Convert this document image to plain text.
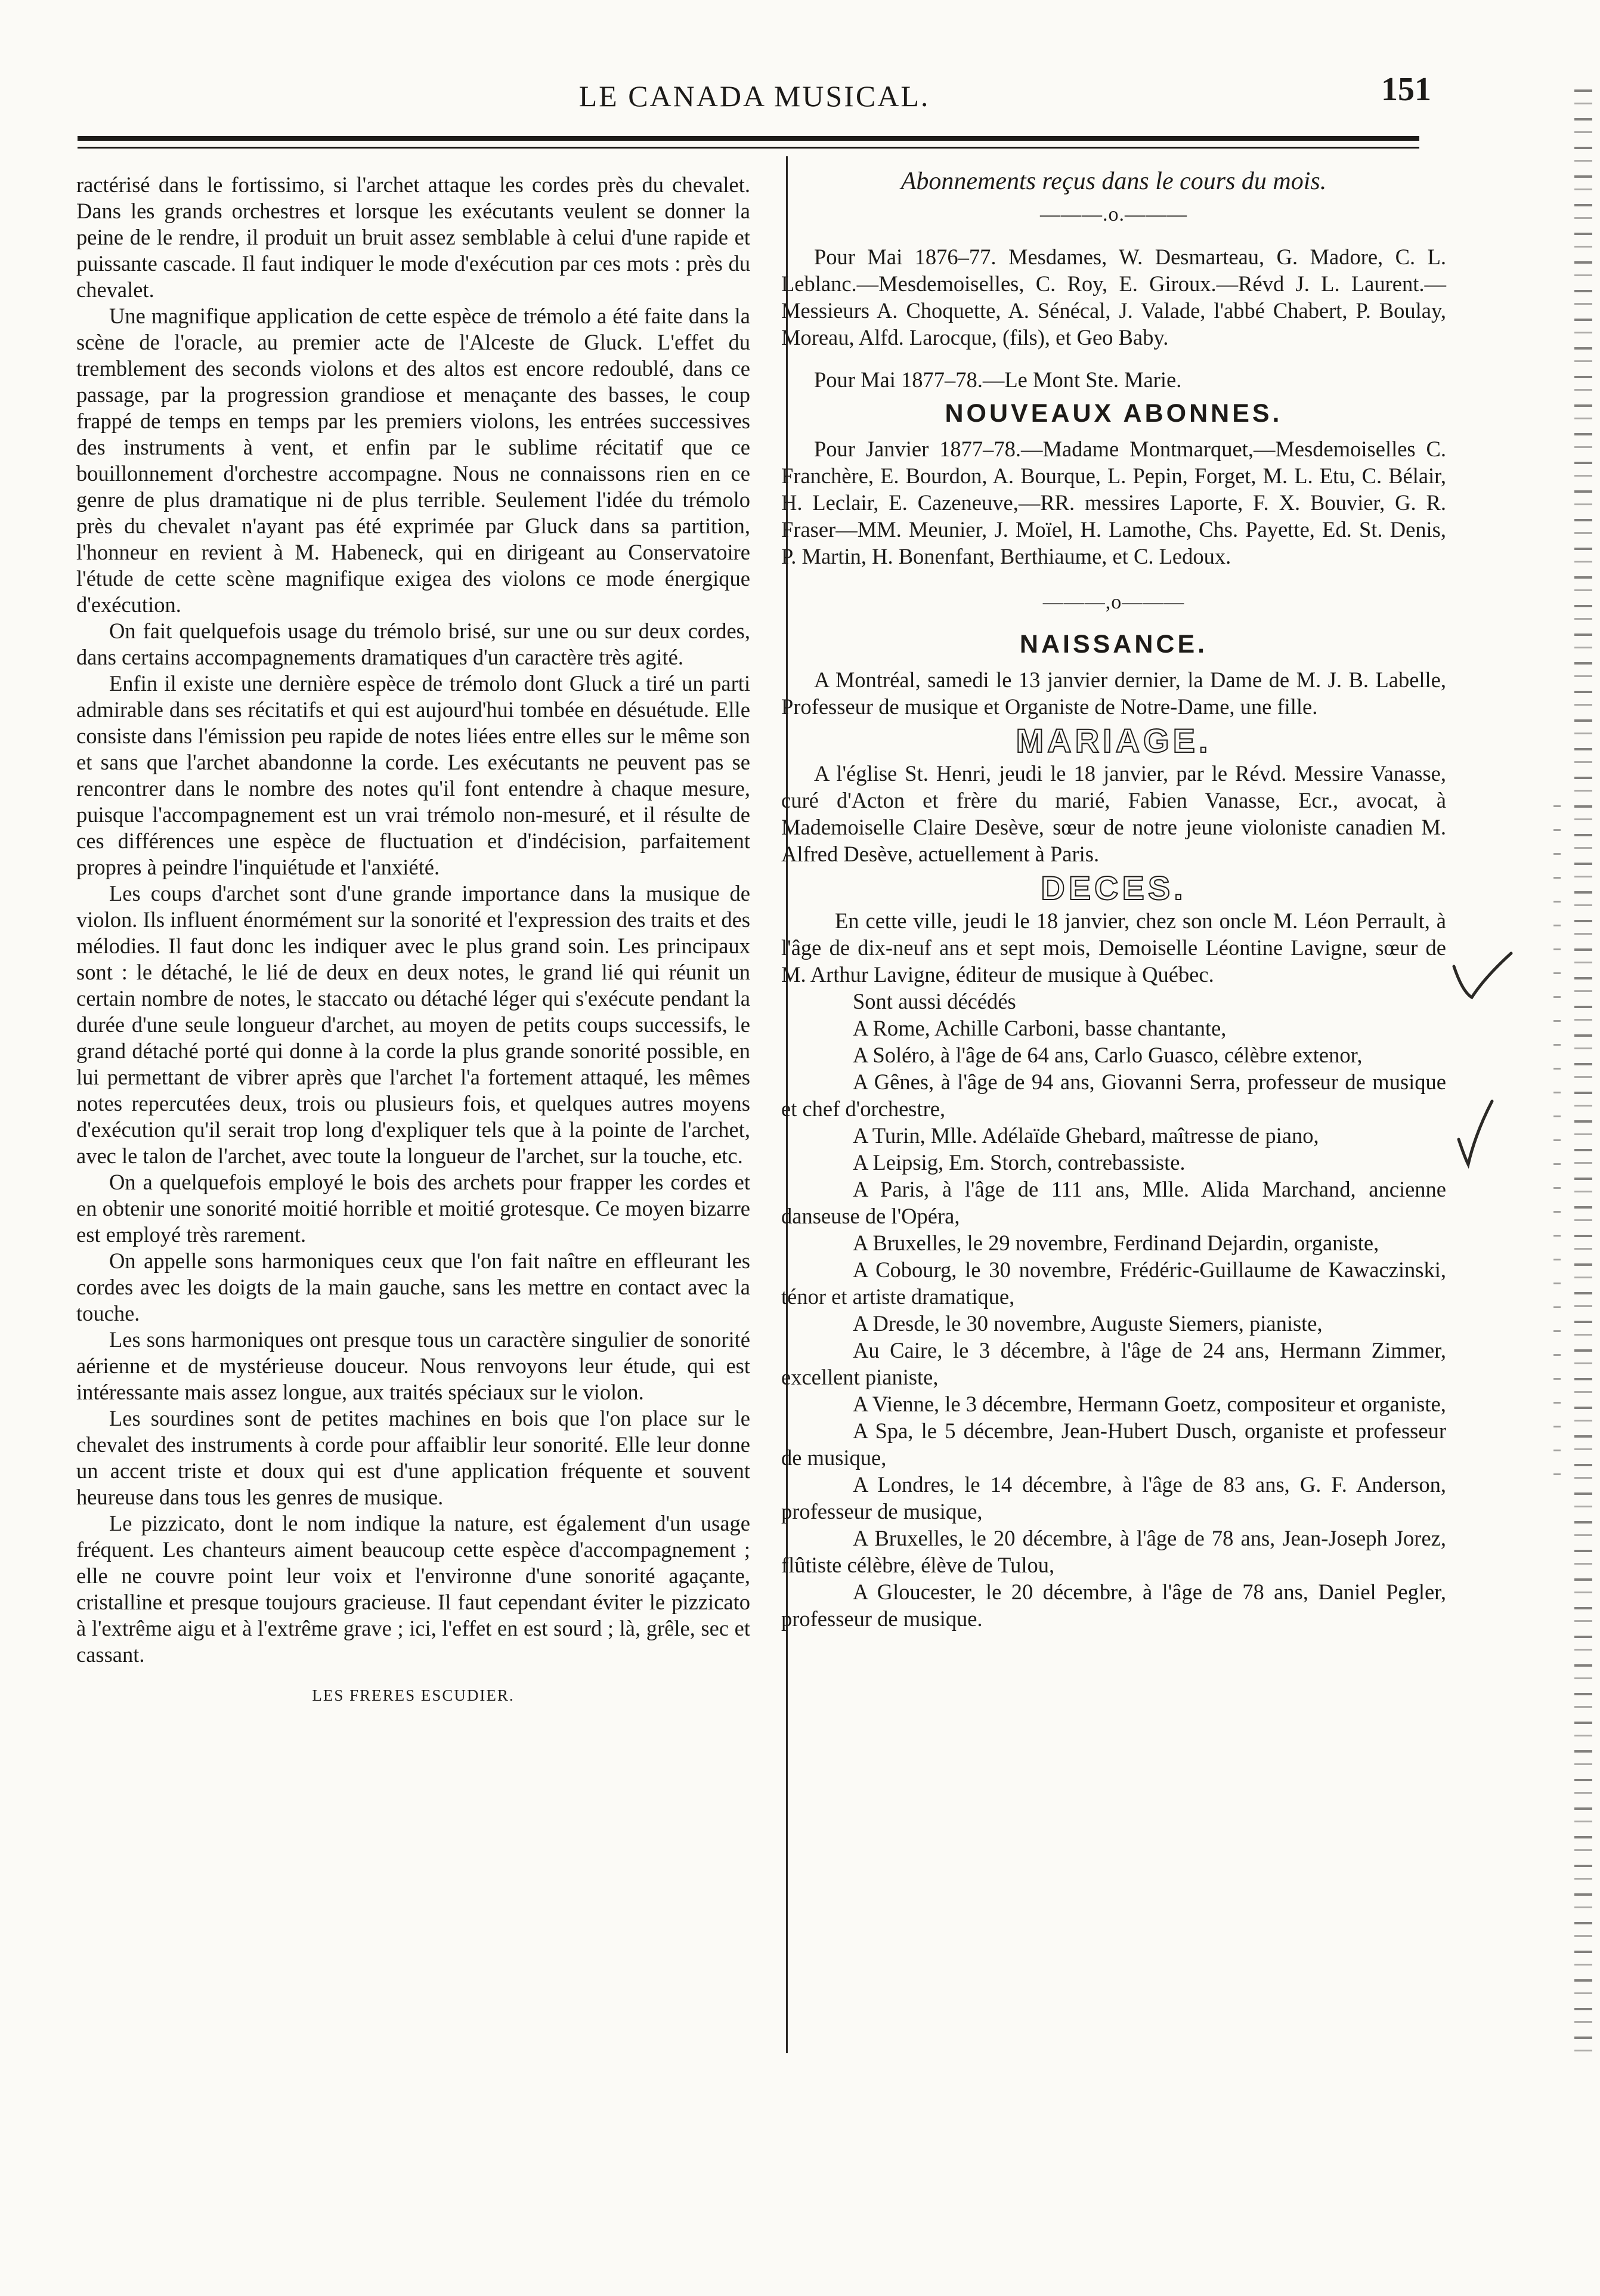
LE CANADA MUSICAL.	151

ractérisé dans le fortissimo, si l'archet attaque les cordes près du chevalet. Dans les grands orchestres et lorsque les exécutants veulent se donner la peine de le rendre, il produit un bruit assez semblable à celui d'une rapide et puissante cascade. Il faut indiquer le mode d'exécution par ces mots : près du chevalet.

Une magnifique application de cette espèce de trémolo a été faite dans la scène de l'oracle, au premier acte de l'Alceste de Gluck. L'effet du tremblement des seconds violons et des altos est encore redoublé, dans ce passage, par la progression grandiose et menaçante des basses, le coup frappé de temps en temps par les premiers violons, les entrées successives des instruments à vent, et enfin par le sublime récitatif que ce bouillonnement d'orchestre accompagne. Nous ne connaissons rien en ce genre de plus dramatique ni de plus terrible. Seulement l'idée du trémolo près du chevalet n'ayant pas été exprimée par Gluck dans sa partition, l'honneur en revient à M. Habeneck, qui en dirigeant au Conservatoire l'étude de cette scène magnifique exigea des violons ce mode énergique d'exécution.

On fait quelquefois usage du trémolo brisé, sur une ou sur deux cordes, dans certains accompagnements dramatiques d'un caractère très agité.

Enfin il existe une dernière espèce de trémolo dont Gluck a tiré un parti admirable dans ses récitatifs et qui est aujourd'hui tombée en désuétude. Elle consiste dans l'émission peu rapide de notes liées entre elles sur le même son et sans que l'archet abandonne la corde. Les exécutants ne peuvent pas se rencontrer dans le nombre des notes qu'il font entendre à chaque mesure, puisque l'accompagnement est un vrai trémolo non-mesuré, et il résulte de ces différences une espèce de fluctuation et d'indécision, parfaitement propres à peindre l'inquiétude et l'anxiété.

Les coups d'archet sont d'une grande importance dans la musique de violon. Ils influent énormément sur la sonorité et l'expression des traits et des mélodies. Il faut donc les indiquer avec le plus grand soin. Les principaux sont : le détaché, le lié de deux en deux notes, le grand lié qui réunit un certain nombre de notes, le staccato ou détaché léger qui s'exécute pendant la durée d'une seule longueur d'archet, au moyen de petits coups successifs, le grand détaché porté qui donne à la corde la plus grande sonorité possible, en lui permettant de vibrer après que l'archet l'a fortement attaqué, les mêmes notes repercutées deux, trois ou plusieurs fois, et quelques autres moyens d'exécution qu'il serait trop long d'expliquer tels que à la pointe de l'archet, avec le talon de l'archet, avec toute la longueur de l'archet, sur la touche, etc.

On a quelquefois employé le bois des archets pour frapper les cordes et en obtenir une sonorité moitié horrible et moitié grotesque. Ce moyen bizarre est employé très rarement.

On appelle sons harmoniques ceux que l'on fait naître en effleurant les cordes avec les doigts de la main gauche, sans les mettre en contact avec la touche.

Les sons harmoniques ont presque tous un caractère singulier de sonorité aérienne et de mystérieuse douceur. Nous renvoyons leur étude, qui est intéressante mais assez longue, aux traités spéciaux sur le violon.

Les sourdines sont de petites machines en bois que l'on place sur le chevalet des instruments à corde pour affaiblir leur sonorité. Elle leur donne un accent triste et doux qui est d'une application fréquente et souvent heureuse dans tous les genres de musique.

Le pizzicato, dont le nom indique la nature, est également d'un usage fréquent. Les chanteurs aiment beaucoup cette espèce d'accompagnement ; elle ne couvre point leur voix et l'environne d'une sonorité agaçante, cristalline et presque toujours gracieuse. Il faut cependant éviter le pizzicato à l'extrême aigu et à l'extrême grave ; ici, l'effet en est sourd ; là, grêle, sec et cassant.

LES FRERES ESCUDIER.
Abonnements reçus dans le cours du mois.
———.o.———

Pour Mai 1876–77. Mesdames, W. Desmarteau, G. Madore, C. L. Leblanc.—Mesdemoiselles, C. Roy, E. Giroux.—Révd J. L. Laurent.—Messieurs A. Choquette, A. Sénécal, J. Valade, l'abbé Chabert, P. Boulay, Moreau, Alfd. Larocque, (fils), et Geo Baby.

Pour Mai 1877–78.—Le Mont Ste. Marie.

NOUVEAUX ABONNES.

Pour Janvier 1877–78.—Madame Montmarquet,—Mesdemoiselles C. Franchère, E. Bourdon, A. Bourque, L. Pepin, Forget, M. L. Etu, C. Bélair, H. Leclair, E. Cazeneuve,—RR. messires Laporte, F. X. Bouvier, G. R. Fraser—MM. Meunier, J. Moïel, H. Lamothe, Chs. Payette, Ed. St. Denis, P. Martin, H. Bonenfant, Berthiaume, et C. Ledoux.

———,o———
NAISSANCE.

A Montréal, samedi le 13 janvier dernier, la Dame de M. J. B. Labelle, Professeur de musique et Organiste de Notre-Dame, une fille.

MARIAGE.

A l'église St. Henri, jeudi le 18 janvier, par le Révd. Messire Vanasse, curé d'Acton et frère du marié, Fabien Vanasse, Ecr., avocat, à Mademoiselle Claire Desève, sœur de notre jeune violoniste canadien M. Alfred Desève, actuellement à Paris.

DECES.

En cette ville, jeudi le 18 janvier, chez son oncle M. Léon Perrault, à l'âge de dix-neuf ans et sept mois, Demoiselle Léontine Lavigne, sœur de M. Arthur Lavigne, éditeur de musique à Québec.

Sont aussi décédés

A Rome, Achille Carboni, basse chantante,

A Soléro, à l'âge de 64 ans, Carlo Guasco, célèbre extenor,

A Gênes, à l'âge de 94 ans, Giovanni Serra, professeur de musique et chef d'orchestre,

A Turin, Mlle. Adélaïde Ghebard, maîtresse de piano,

A Leipsig, Em. Storch, contrebassiste.

A Paris, à l'âge de 111 ans, Mlle. Alida Marchand, ancienne danseuse de l'Opéra,

A Bruxelles, le 29 novembre, Ferdinand Dejardin, organiste,

A Cobourg, le 30 novembre, Frédéric-Guillaume de Kawaczinski, ténor et artiste dramatique,

A Dresde, le 30 novembre, Auguste Siemers, pianiste,

Au Caire, le 3 décembre, à l'âge de 24 ans, Hermann Zimmer, excellent pianiste,

A Vienne, le 3 décembre, Hermann Goetz, compositeur et organiste,

A Spa, le 5 décembre, Jean-Hubert Dusch, organiste et professeur de musique,

A Londres, le 14 décembre, à l'âge de 83 ans, G. F. Anderson, professeur de musique,

A Bruxelles, le 20 décembre, à l'âge de 78 ans, Jean-Joseph Jorez, flûtiste célèbre, élève de Tulou,

A Gloucester, le 20 décembre, à l'âge de 78 ans, Daniel Pegler, professeur de musique.
